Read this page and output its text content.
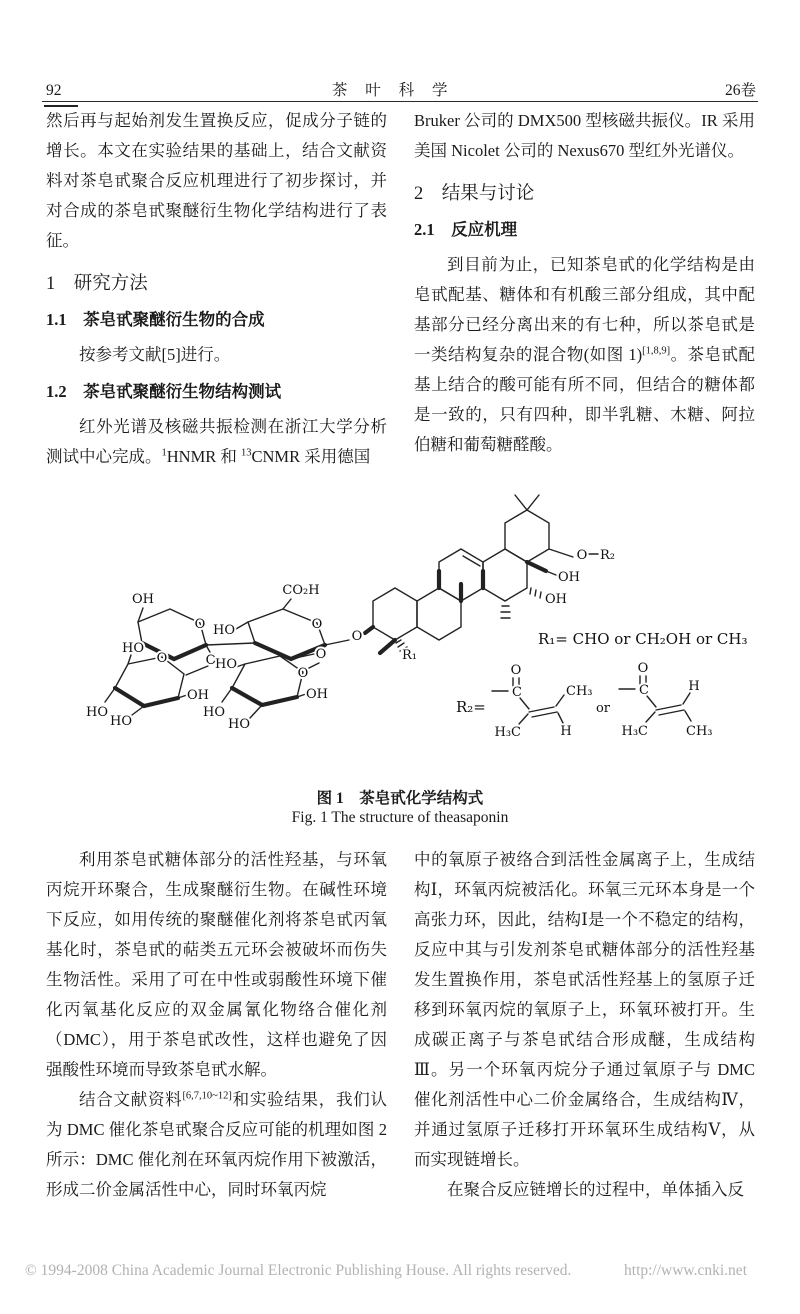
92	茶 叶 科 学	26卷

然后再与起始剂发生置换反应，促成分子链的增长。本文在实验结果的基础上，结合文献资料对茶皂甙聚合反应机理进行了初步探讨，并对合成的茶皂甙聚醚衍生物化学结构进行了表征。

1　研究方法

1.1　茶皂甙聚醚衍生物的合成

按参考文献[5]进行。

1.2　茶皂甙聚醚衍生物结构测试

红外光谱及核磁共振检测在浙江大学分析测试中心完成。$^1$HNMR 和 $^{13}$CNMR 采用德国

Bruker 公司的 DMX500 型核磁共振仪。IR 采用美国 Nicolet 公司的 Nexus670 型红外光谱仪。

2　结果与讨论

2.1　反应机理

到目前为止，已知茶皂甙的化学结构是由皂甙配基、糖体和有机酸三部分组成，其中配基部分已经分离出来的有七种，所以茶皂甙是一类结构复杂的混合物(如图 1)[1,8,9]。茶皂甙配基上结合的酸可能有所不同，但结合的糖体都是一致的，只有四种，即半乳糖、木糖、阿拉伯糖和葡萄糖醛酸。

OH
O HO
CO₂H
O
O
HO
O
O	HO
O
O
OH	OH
HO
HO
HO
HO
O R₂
OH
OH
R₁
R₁= CHO or CH₂OH or CH₃
R₂=
O
C	CH₃
H₃C	H
or
O
C	H
H₃C	CH₃
图 1　茶皂甙化学结构式
Fig. 1 The structure of theasaponin

利用茶皂甙糖体部分的活性羟基，与环氧丙烷开环聚合，生成聚醚衍生物。在碱性环境下反应，如用传统的聚醚催化剂将茶皂甙丙氧基化时，茶皂甙的萜类五元环会被破坏而伤失生物活性。采用了可在中性或弱酸性环境下催化丙氧基化反应的双金属氰化物络合催化剂（DMC），用于茶皂甙改性，这样也避免了因强酸性环境而导致茶皂甙水解。

结合文献资料[6,7,10~12]和实验结果，我们认为 DMC 催化茶皂甙聚合反应可能的机理如图 2 所示：DMC 催化剂在环氧丙烷作用下被激活，形成二价金属活性中心，同时环氧丙烷

中的氧原子被络合到活性金属离子上，生成结构Ⅰ，环氧丙烷被活化。环氧三元环本身是一个高张力环，因此，结构Ⅰ是一个不稳定的结构，反应中其与引发剂茶皂甙糖体部分的活性羟基发生置换作用，茶皂甙活性羟基上的氢原子迁移到环氧丙烷的氧原子上，环氧环被打开。生成碳正离子与茶皂甙结合形成醚，生成结构Ⅲ。另一个环氧丙烷分子通过氧原子与 DMC 催化剂活性中心二价金属络合，生成结构Ⅳ，并通过氢原子迁移打开环氧环生成结构Ⅴ，从而实现链增长。

在聚合反应链增长的过程中，单体插入反

© 1994-2008 China Academic Journal Electronic Publishing House. All rights reserved.	http://www.cnki.net
